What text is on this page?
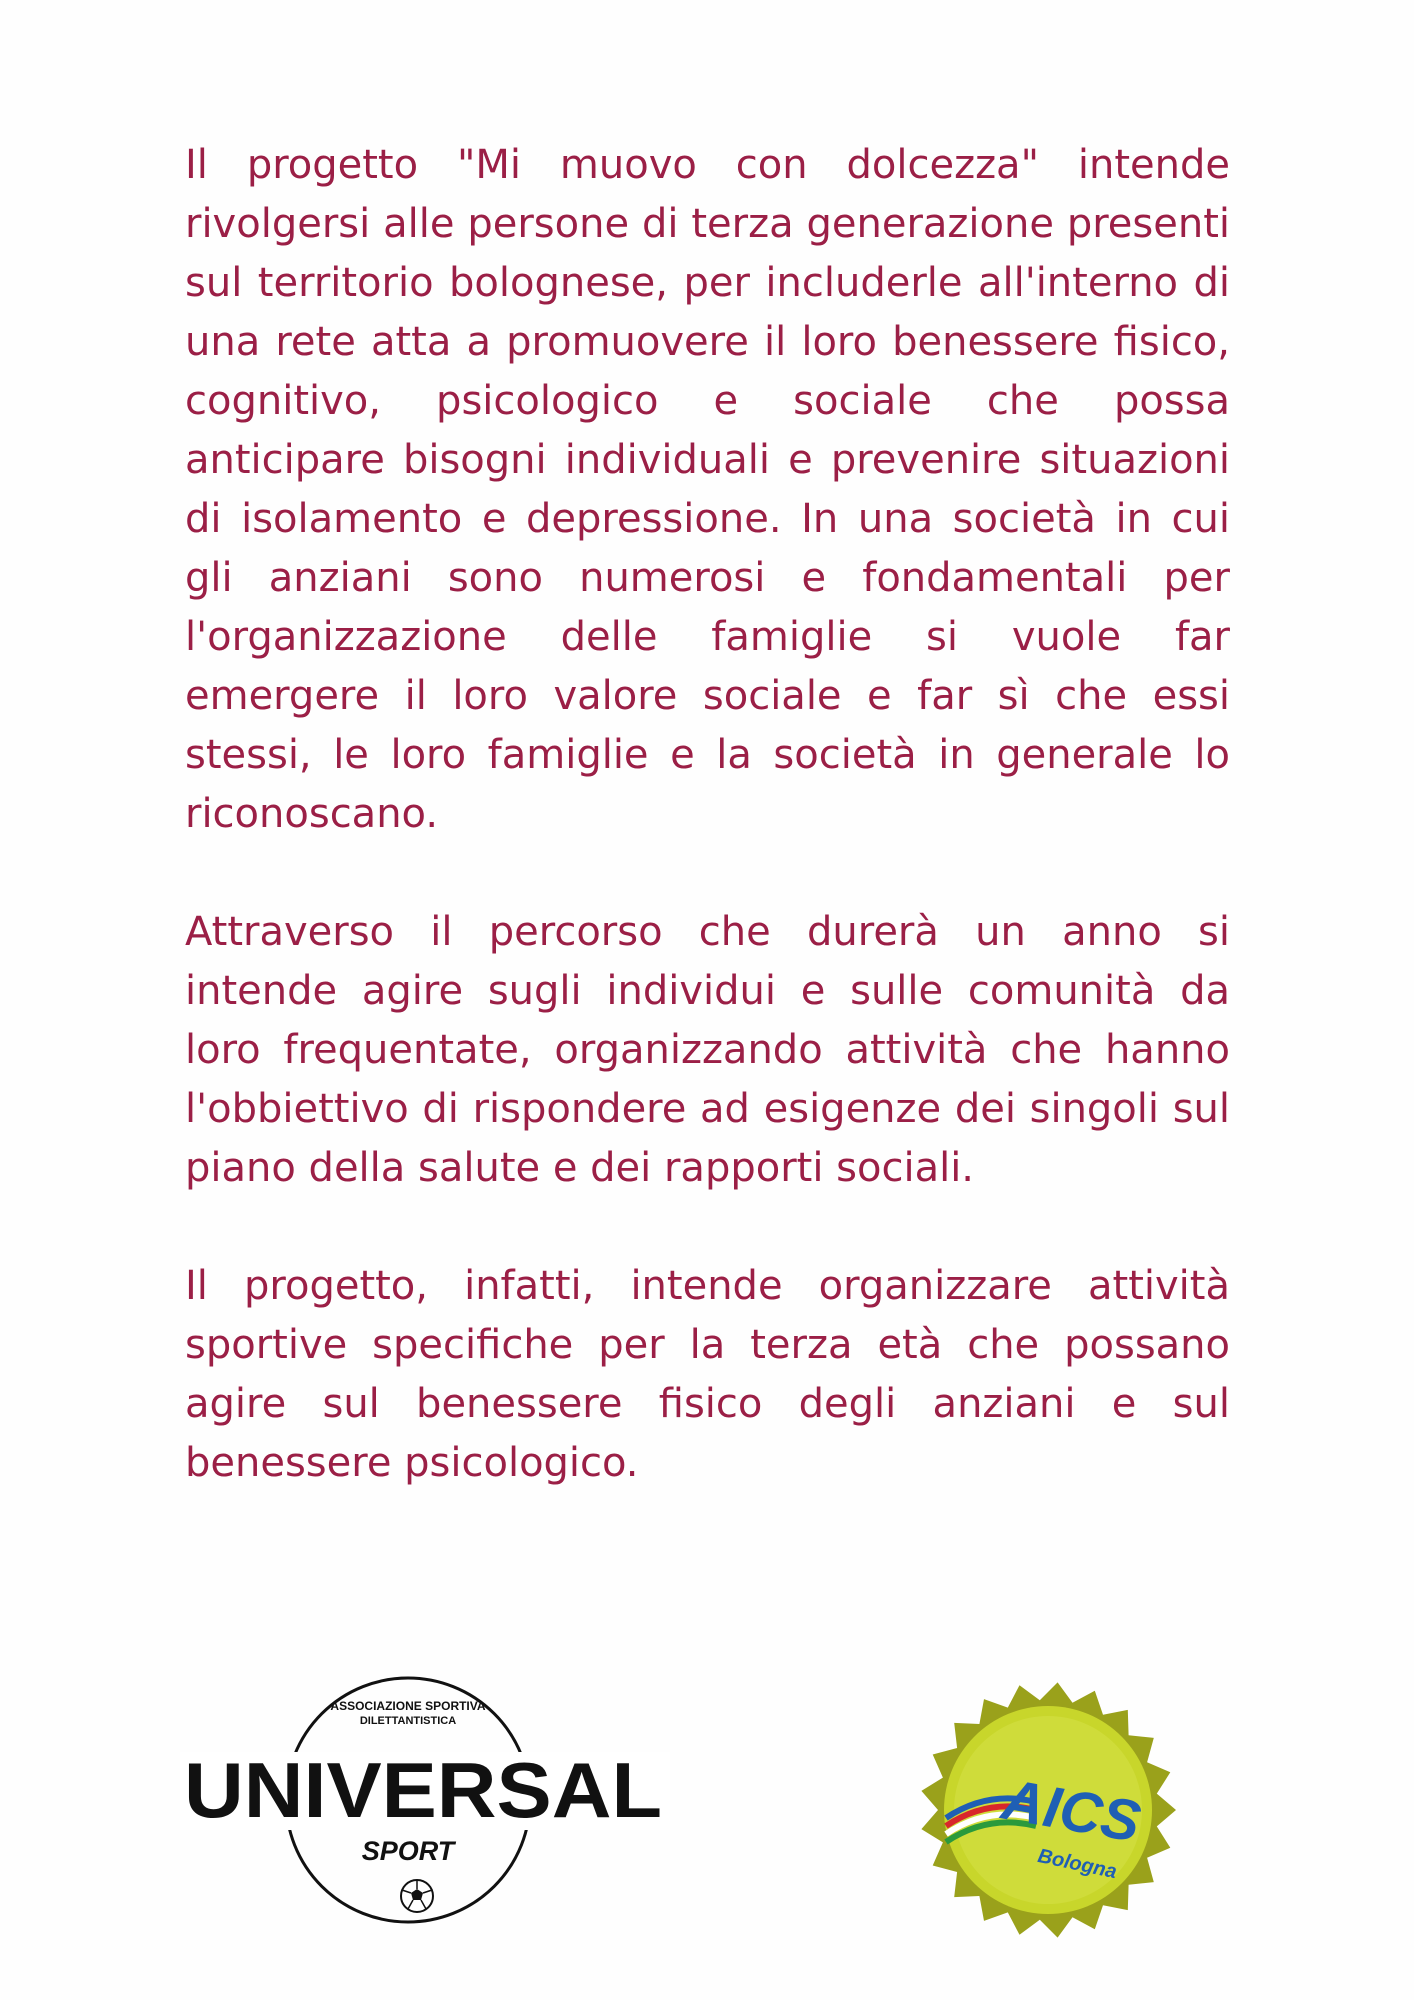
Il progetto "Mi muovo con dolcezza" intende rivolgersi alle persone di terza generazione presenti sul territorio bolognese, per includerle all'interno di una rete atta a promuovere il loro benessere fisico, cognitivo, psicologico e sociale che possa anticipare bisogni individuali e prevenire situazioni di isolamento e depressione. In una società in cui gli anziani sono numerosi e fondamentali per l'organizzazione delle famiglie si vuole far emergere il loro valore sociale e far sì che essi stessi, le loro famiglie e la società in generale lo riconoscano.

Attraverso il percorso che durerà un anno si intende agire sugli individui e sulle comunità da loro frequentate, organizzando attività che hanno l'obbiettivo di rispondere ad esigenze dei singoli sul piano della salute e dei rapporti sociali.

Il progetto, infatti, intende organizzare attività sportive specifiche per la terza età che possano agire sul benessere fisico degli anziani e sul benessere psicologico.

ASSOCIAZIONE SPORTIVA
DILETTANTISTICA
UNIVERSAL
SPORT	AICS
Bologna
